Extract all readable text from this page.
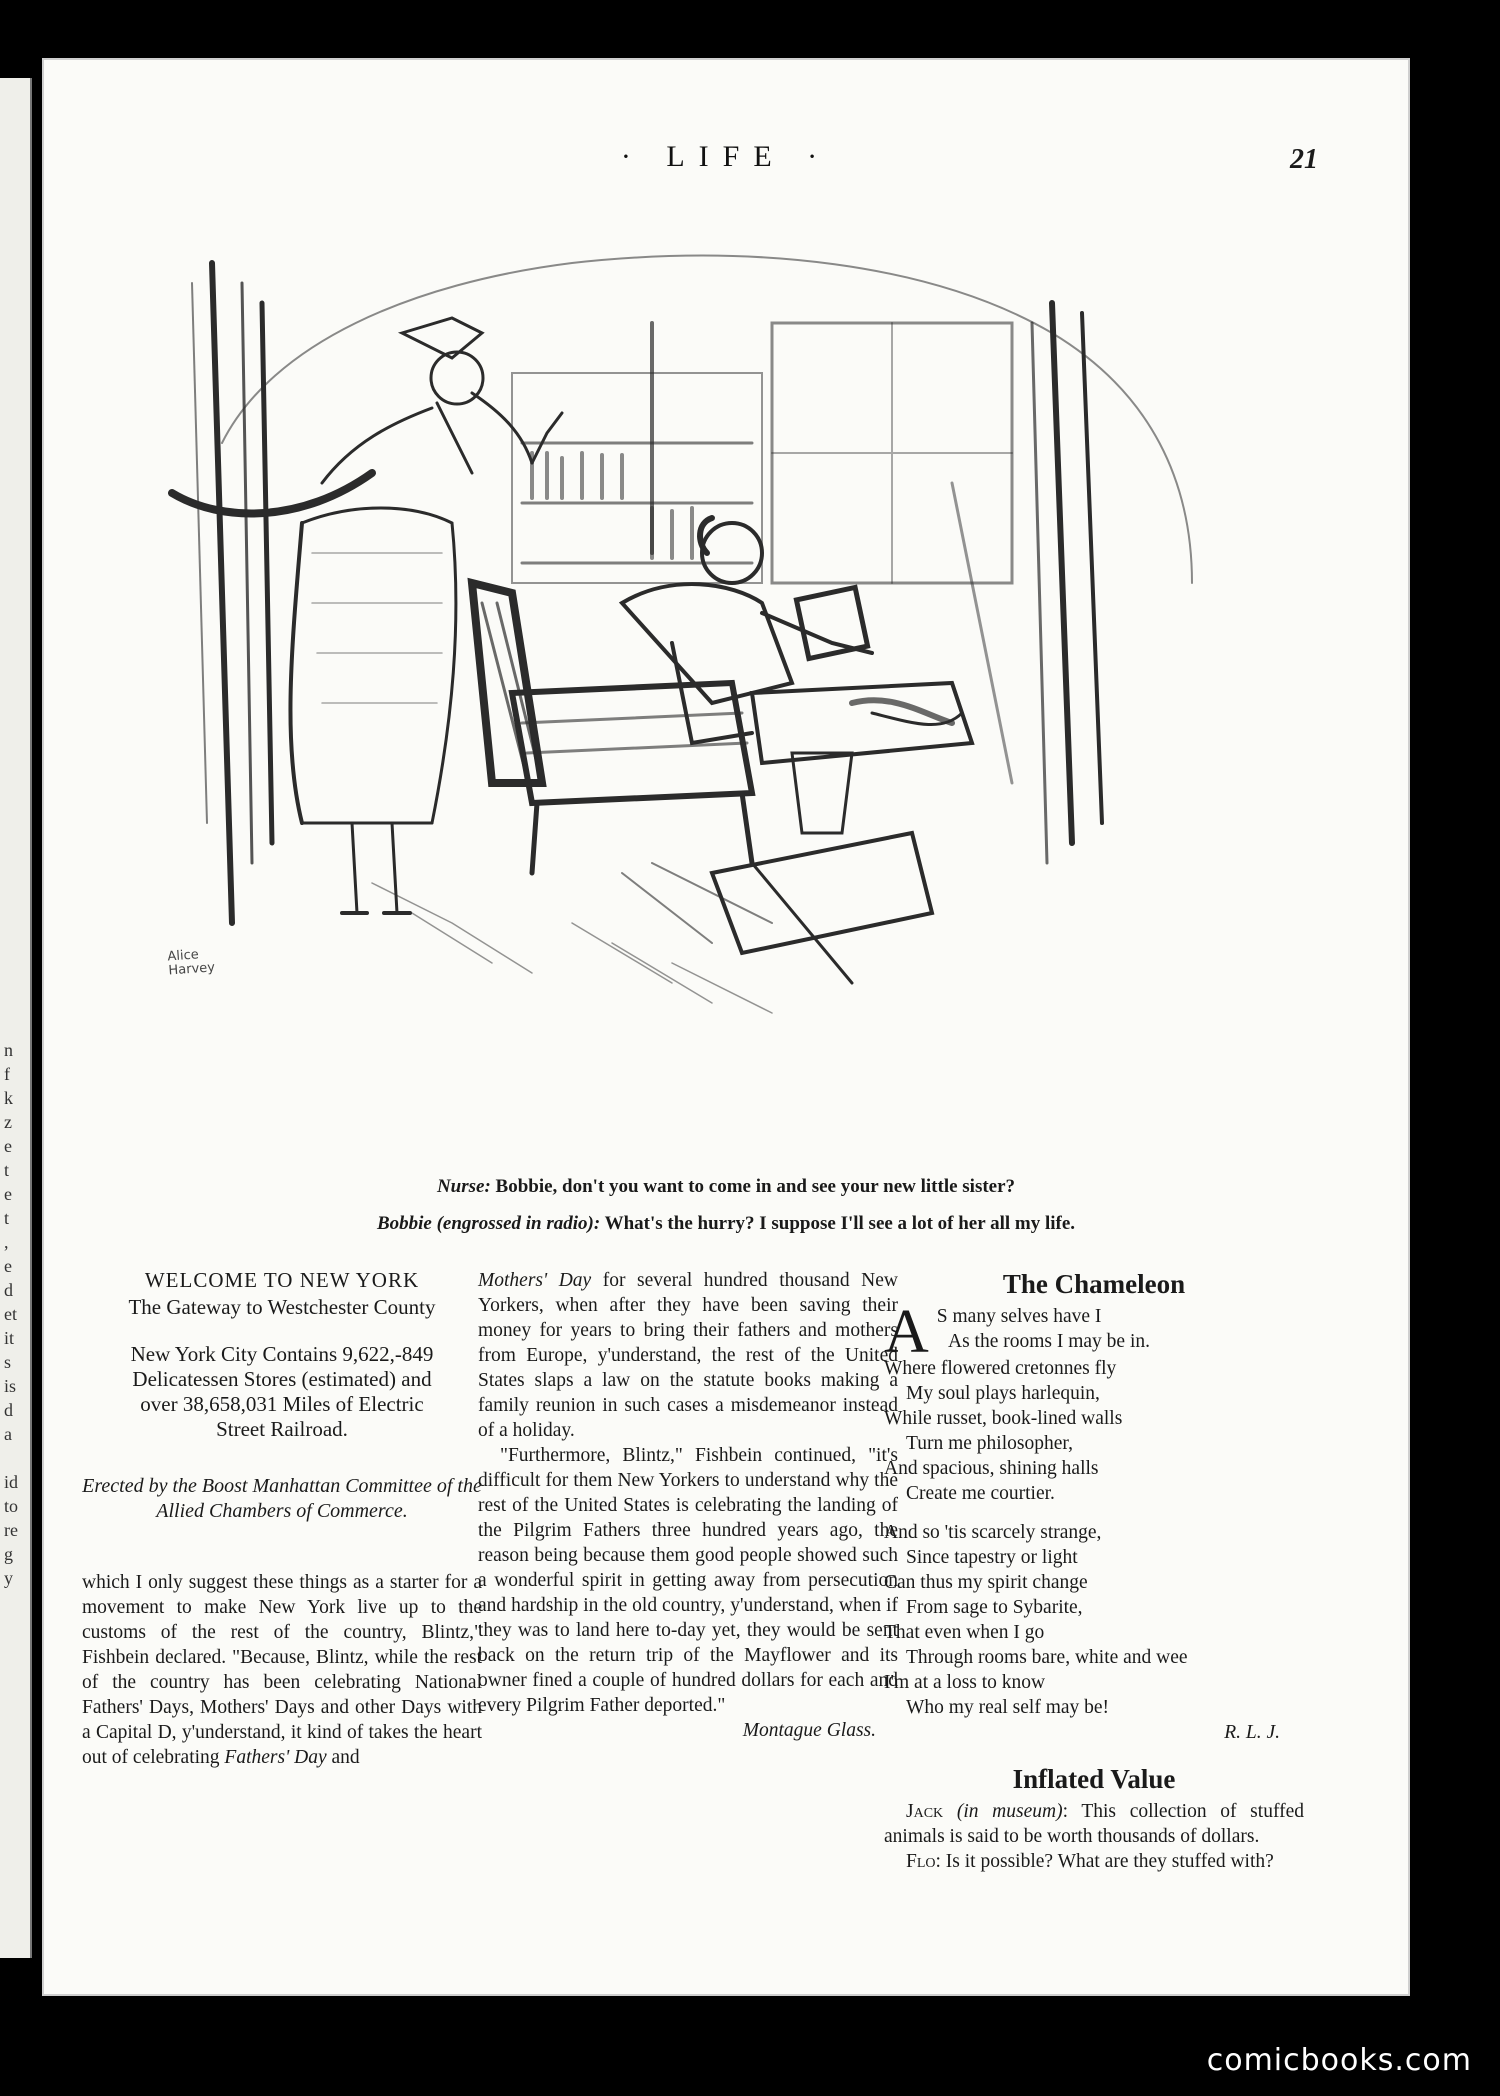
n
f
k
z
e
t
e
t
,
e
d
et
it
s
is
d
a

id
to
re
g
y
· LIFE ·	21
Alice Harvey
Nurse: Bobbie, don't you want to come in and see your new little sister?
Bobbie (engrossed in radio): What's the hurry? I suppose I'll see a lot of her all my life.
WELCOME TO NEW YORK
The Gateway to Westchester County
New York City Contains 9,622,-849 Delicatessen Stores (estimated) and over 38,658,031 Miles of Electric Street Railroad.
Erected by the Boost Manhattan Committee of the Allied Chambers of Commerce.

which I only suggest these things as a starter for a movement to make New York live up to the customs of the rest of the country, Blintz," Fishbein declared. "Because, Blintz, while the rest of the country has been celebrating National Fathers' Days, Mothers' Days and other Days with a Capital D, y'understand, it kind of takes the heart out of celebrating Fathers' Day and

Mothers' Day for several hundred thousand New Yorkers, when after they have been saving their money for years to bring their fathers and mothers from Europe, y'understand, the rest of the United States slaps a law on the statute books making a family reunion in such cases a misdemeanor instead of a holiday.

"Furthermore, Blintz," Fishbein continued, "it's difficult for them New Yorkers to understand why the rest of the United States is celebrating the landing of the Pilgrim Fathers three hundred years ago, the reason being because them good people showed such a wonderful spirit in getting away from persecution and hardship in the old country, y'understand, when if they was to land here to-day yet, they would be sent back on the return trip of the Mayflower and its owner fined a couple of hundred dollars for each and every Pilgrim Father deported."

Montague Glass.
The Chameleon
A S many selves have I
As the rooms I may be in.
Where flowered cretonnes fly
My soul plays harlequin,
While russet, book-lined walls
Turn me philosopher,
And spacious, shining halls
Create me courtier.
And so 'tis scarcely strange,
Since tapestry or light
Can thus my spirit change
From sage to Sybarite,
That even when I go
Through rooms bare, white and wee
I'm at a loss to know
Who my real self may be!
R. L. J.
Inflated Value

Jack (in museum): This collection of stuffed animals is said to be worth thousands of dollars.

Flo: Is it possible? What are they stuffed with?

comicbooks.com
